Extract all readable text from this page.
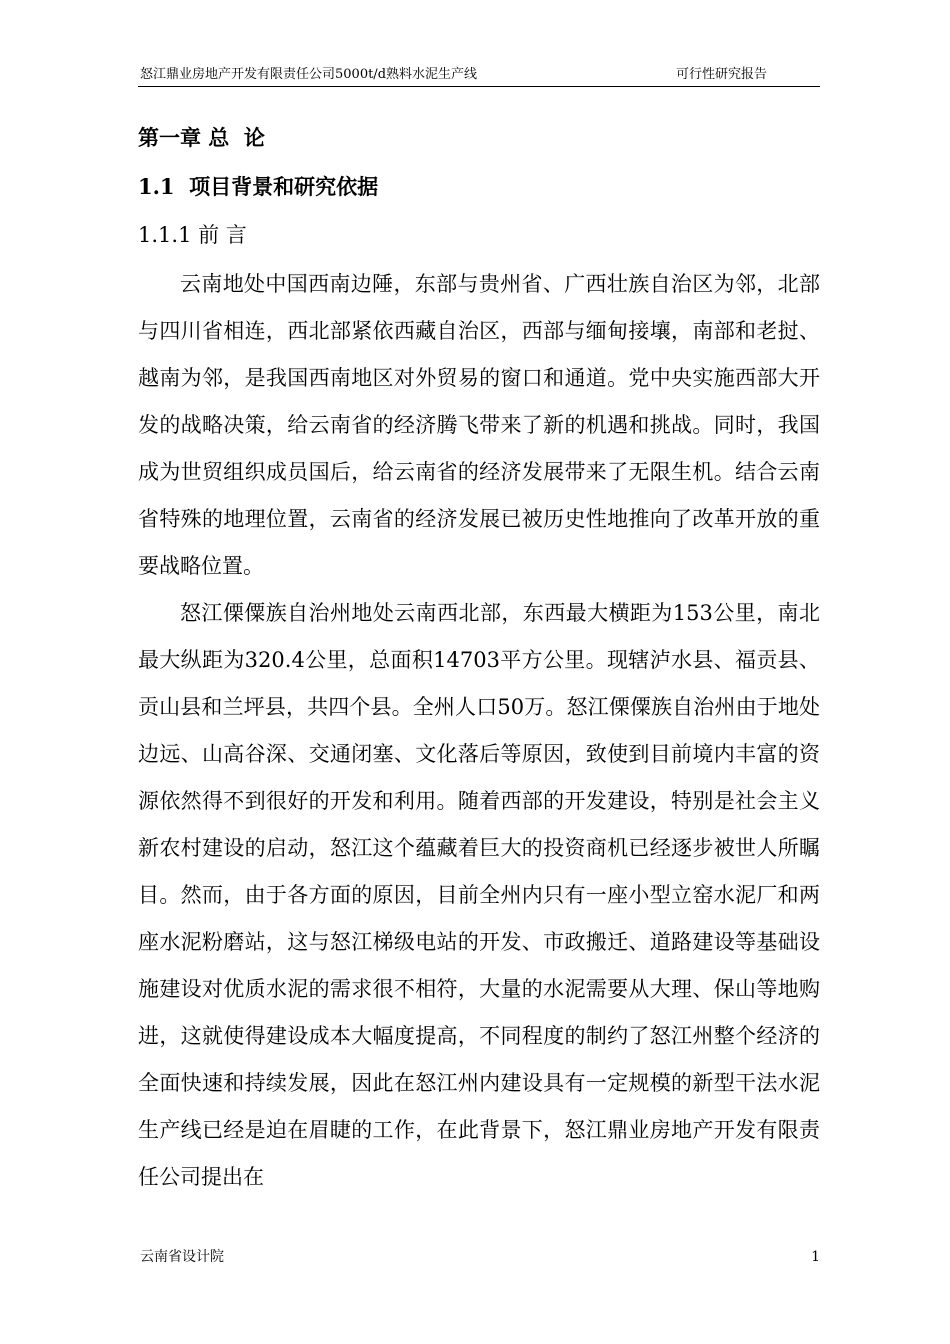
怒江鼎业房地产开发有限责任公司5000t/d熟料水泥生产线	可行性研究报告
第一章 总  论
1.1  项目背景和研究依据
1.1.1 前 言

云南地处中国西南边陲，东部与贵州省、广西壮族自治区为邻，北部与四川省相连，西北部紧依西藏自治区，西部与缅甸接壤，南部和老挝、越南为邻，是我国西南地区对外贸易的窗口和通道。党中央实施西部大开发的战略决策，给云南省的经济腾飞带来了新的机遇和挑战。同时，我国成为世贸组织成员国后，给云南省的经济发展带来了无限生机。结合云南省特殊的地理位置，云南省的经济发展已被历史性地推向了改革开放的重要战略位置。

怒江傈僳族自治州地处云南西北部，东西最大横距为153公里，南北最大纵距为320.4公里，总面积14703平方公里。现辖泸水县、福贡县、贡山县和兰坪县，共四个县。全州人口50万。怒江傈僳族自治州由于地处边远、山高谷深、交通闭塞、文化落后等原因，致使到目前境内丰富的资源依然得不到很好的开发和利用。随着西部的开发建设，特别是社会主义新农村建设的启动，怒江这个蕴藏着巨大的投资商机已经逐步被世人所瞩目。然而，由于各方面的原因，目前全州内只有一座小型立窑水泥厂和两座水泥粉磨站，这与怒江梯级电站的开发、市政搬迁、道路建设等基础设施建设对优质水泥的需求很不相符，大量的水泥需要从大理、保山等地购进，这就使得建设成本大幅度提高，不同程度的制约了怒江州整个经济的全面快速和持续发展，因此在怒江州内建设具有一定规模的新型干法水泥生产线已经是迫在眉睫的工作，在此背景下，怒江鼎业房地产开发有限责任公司提出在

云南省设计院	1
